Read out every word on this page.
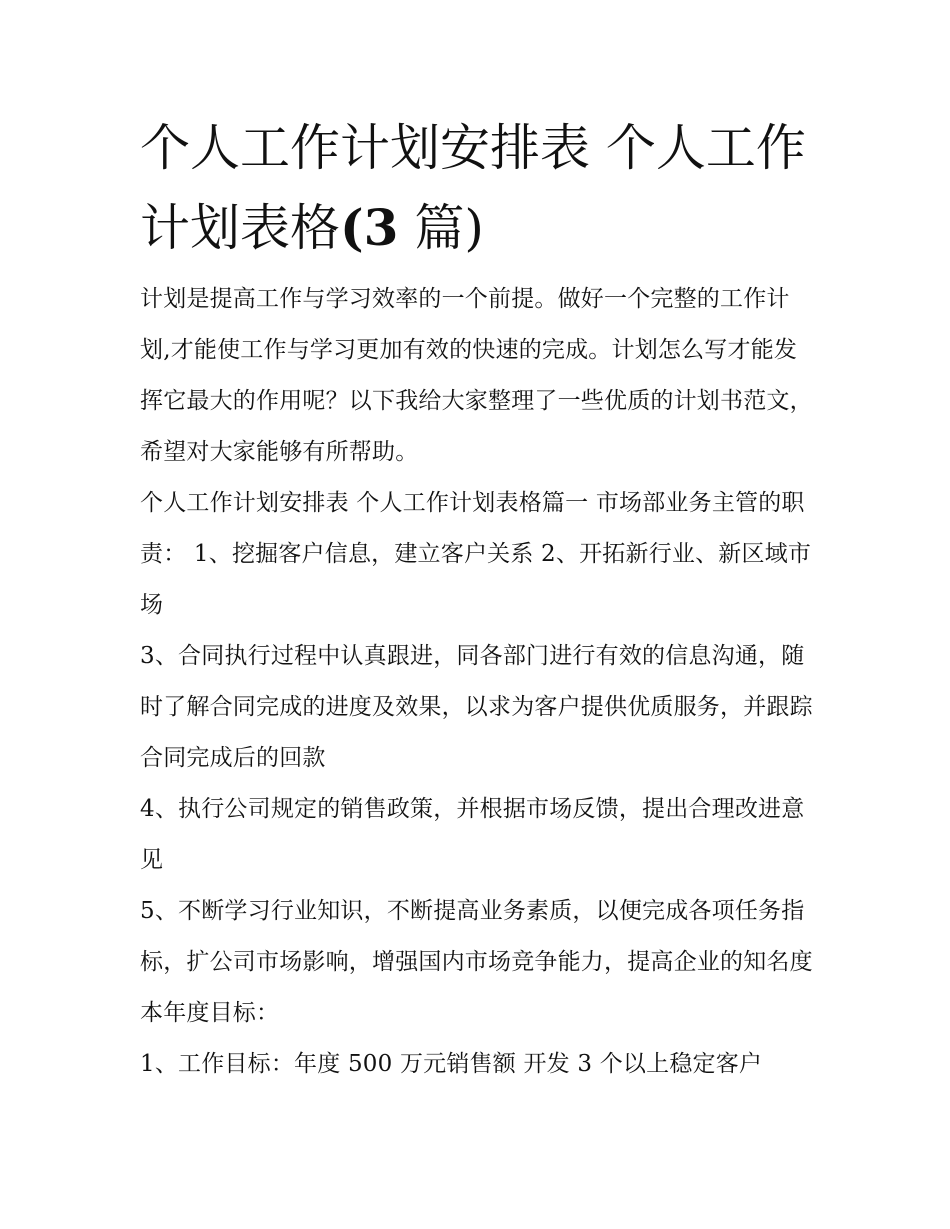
个人工作计划安排表 个人工作计划表格(3 篇)

计划是提高工作与学习效率的一个前提。做好一个完整的工作计划,才能使工作与学习更加有效的快速的完成。计划怎么写才能发挥它最大的作用呢？以下我给大家整理了一些优质的计划书范文，希望对大家能够有所帮助。

个人工作计划安排表 个人工作计划表格篇一 市场部业务主管的职责： 1、挖掘客户信息，建立客户关系 2、开拓新行业、新区域市场

3、合同执行过程中认真跟进，同各部门进行有效的信息沟通，随时了解合同完成的进度及效果，以求为客户提供优质服务，并跟踪合同完成后的回款

4、执行公司规定的销售政策，并根据市场反馈，提出合理改进意见

5、不断学习行业知识，不断提高业务素质，以便完成各项任务指标，扩公司市场影响，增强国内市场竞争能力，提高企业的知名度 本年度目标：

1、工作目标：年度 500 万元销售额 开发 3 个以上稳定客户
